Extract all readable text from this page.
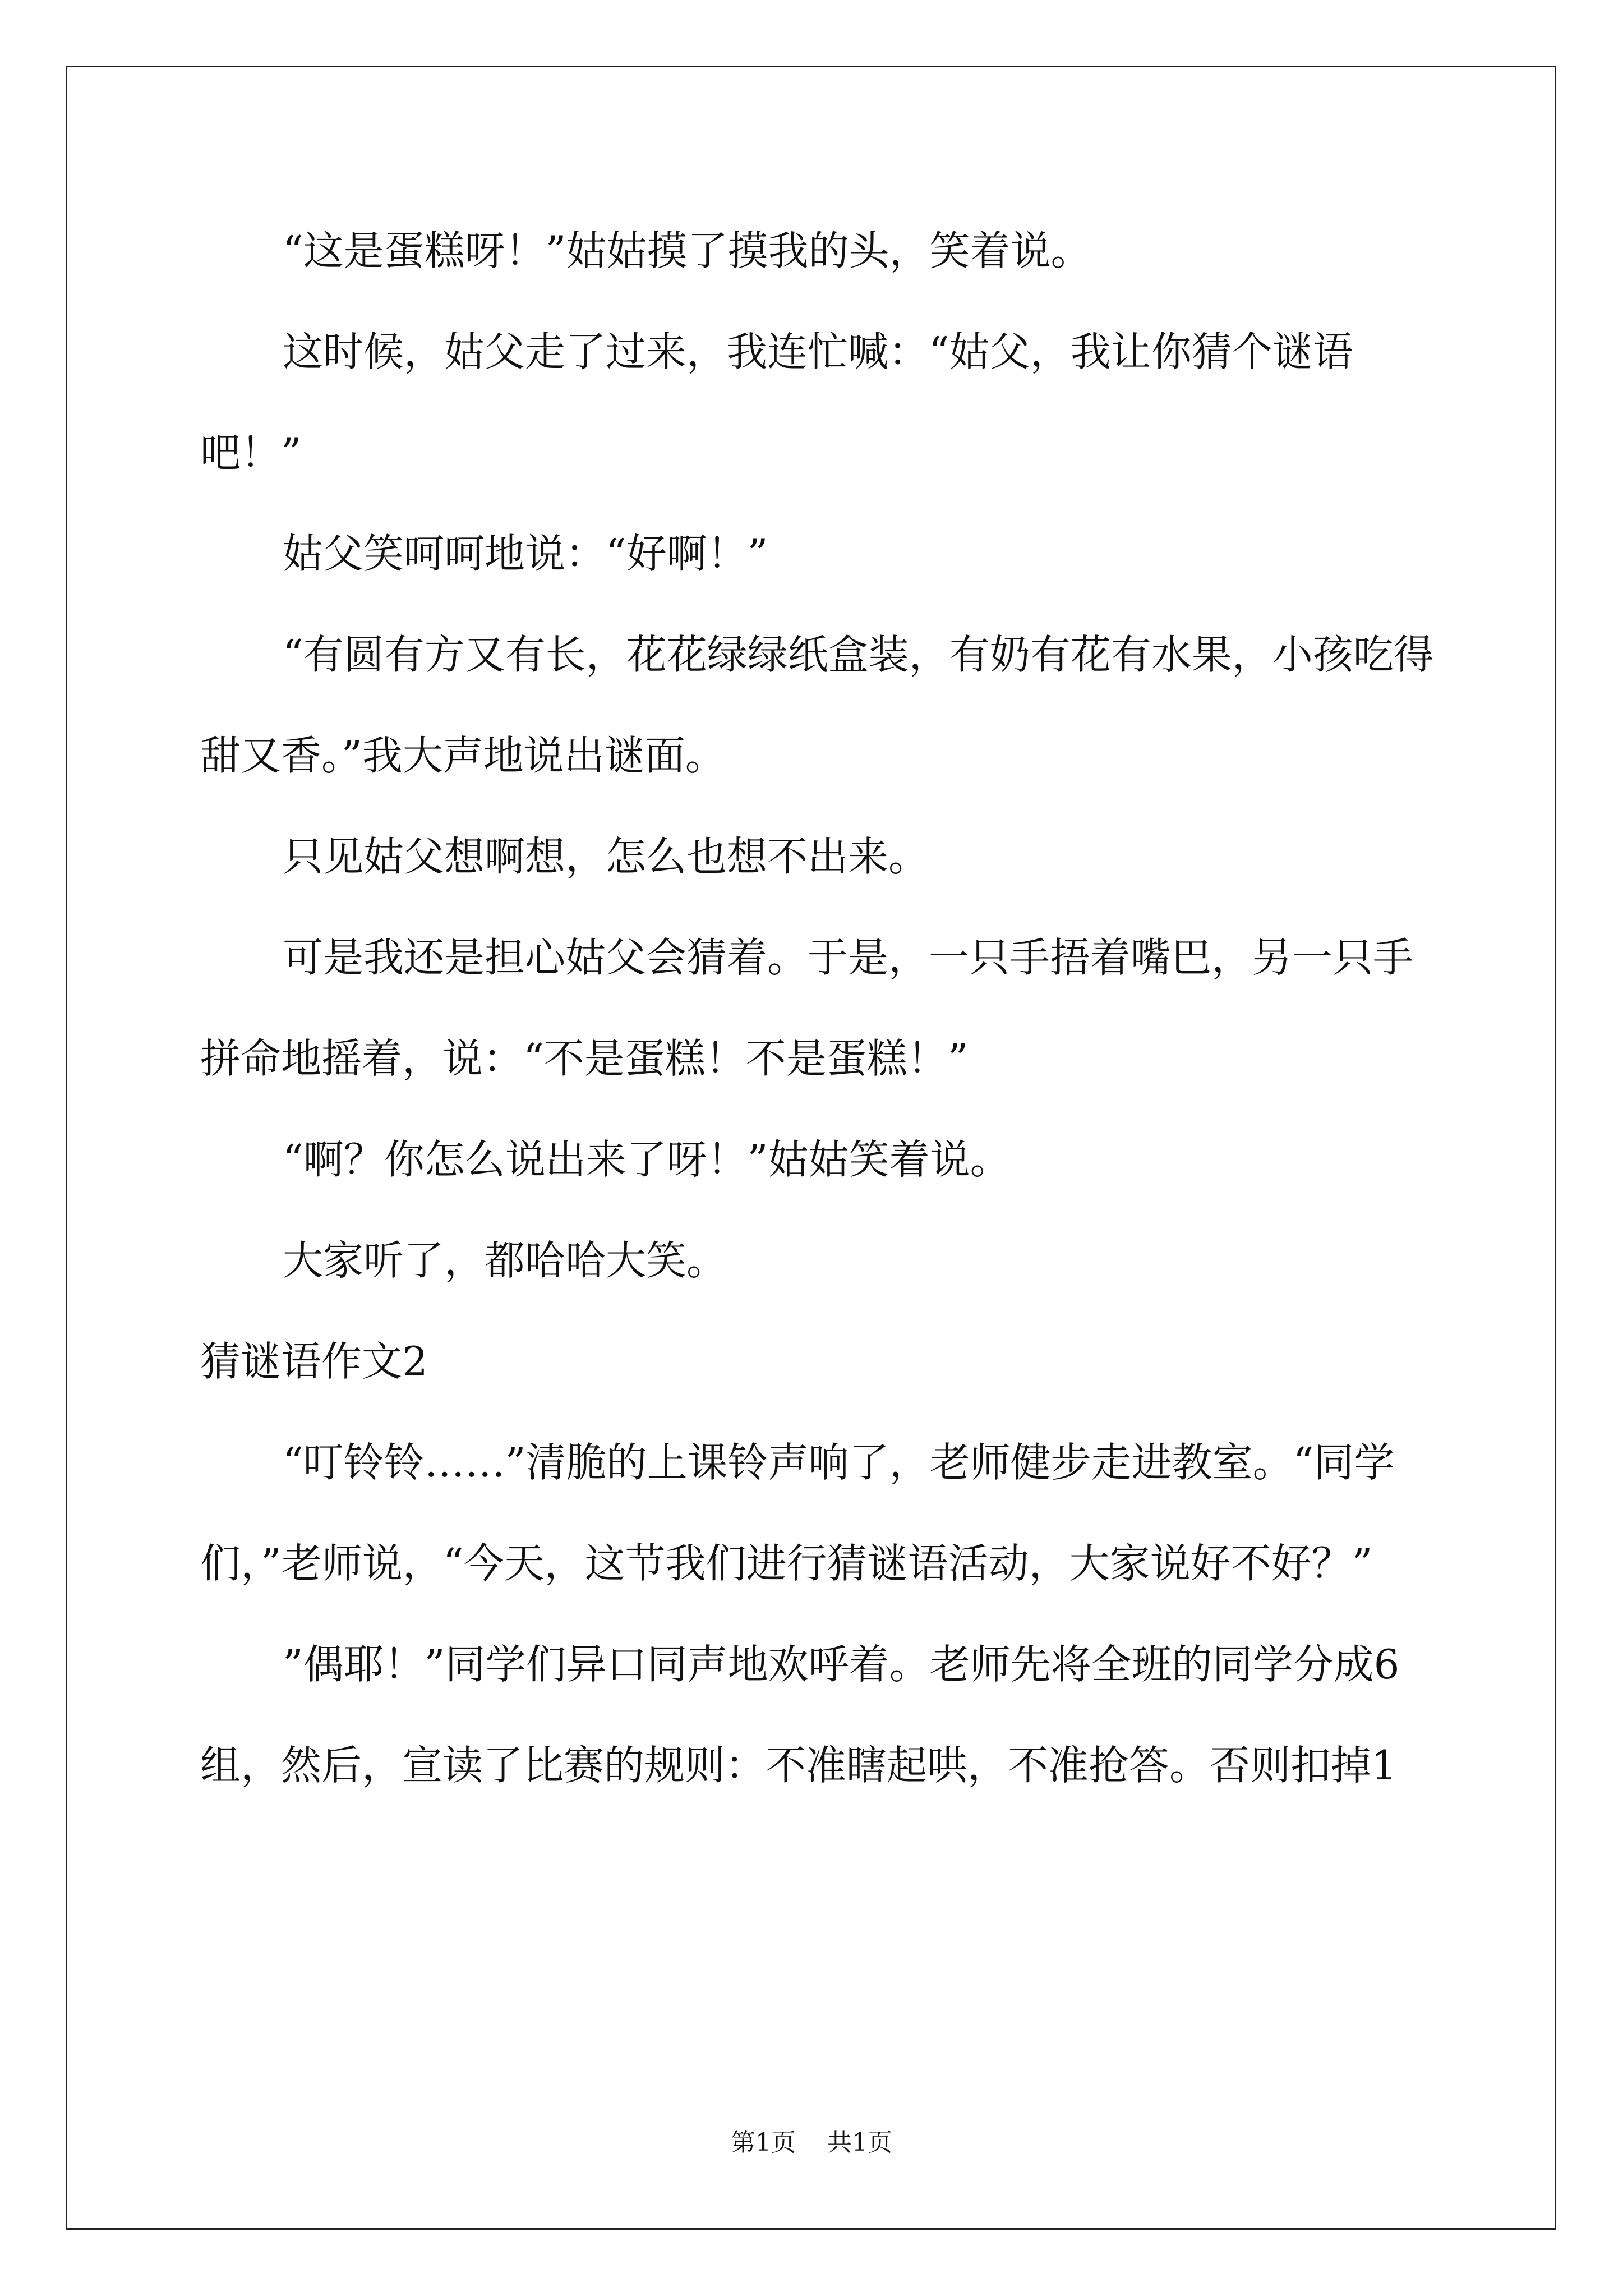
“这是蛋糕呀！”姑姑摸了摸我的头，笑着说。

这时候，姑父走了过来，我连忙喊：“姑父，我让你猜个谜语吧！”

姑父笑呵呵地说：“好啊！”

“有圆有方又有长，花花绿绿纸盒装，有奶有花有水果，小孩吃得甜又香。”我大声地说出谜面。

只见姑父想啊想，怎么也想不出来。

可是我还是担心姑父会猜着。于是，一只手捂着嘴巴，另一只手拼命地摇着，说：“不是蛋糕！不是蛋糕！”

“啊？你怎么说出来了呀！”姑姑笑着说。

大家听了，都哈哈大笑。

猜谜语作文2

“叮铃铃……”清脆的上课铃声响了，老师健步走进教室。“同学们，”老师说，“今天，这节我们进行猜谜语活动，大家说好不好？”

”偶耶！”同学们异口同声地欢呼着。老师先将全班的同学分成6组，然后，宣读了比赛的规则：不准瞎起哄，不准抢答。否则扣掉1

第1页 共1页
